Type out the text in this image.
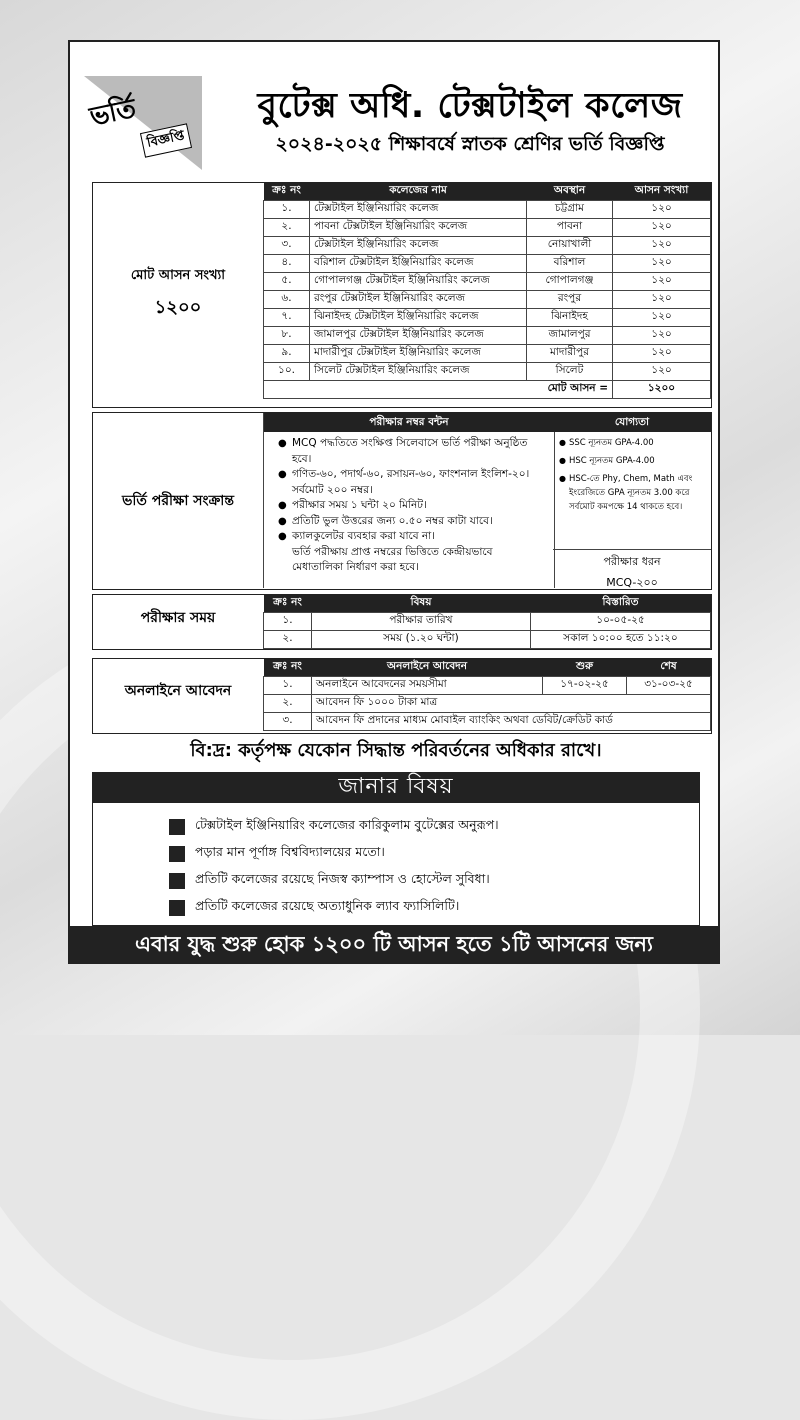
ভর্তি
বিজ্ঞপ্তি
বুটেক্স অধি. টেক্সটাইল কলেজ
২০২৪-২০২৫ শিক্ষাবর্ষে স্নাতক শ্রেণির ভর্তি বিজ্ঞপ্তি
মোট আসন সংখ্যা
১২০০
ক্রঃ নং	কলেজের নাম	অবস্থান	আসন সংখ্যা
১.	টেক্সটাইল ইঞ্জিনিয়ারিং কলেজ	চট্টগ্রাম	১২০
২.	পাবনা টেক্সটাইল ইঞ্জিনিয়ারিং কলেজ	পাবনা	১২০
৩.	টেক্সটাইল ইঞ্জিনিয়ারিং কলেজ	নোয়াখালী	১২০
৪.	বরিশাল টেক্সটাইল ইঞ্জিনিয়ারিং কলেজ	বরিশাল	১২০
৫.	গোপালগঞ্জ টেক্সটাইল ইঞ্জিনিয়ারিং কলেজ	গোপালগঞ্জ	১২০
৬.	রংপুর টেক্সটাইল ইঞ্জিনিয়ারিং কলেজ	রংপুর	১২০
৭.	ঝিনাইদহ টেক্সটাইল ইঞ্জিনিয়ারিং কলেজ	ঝিনাইদহ	১২০
৮.	জামালপুর টেক্সটাইল ইঞ্জিনিয়ারিং কলেজ	জামালপুর	১২০
৯.	মাদারীপুর টেক্সটাইল ইঞ্জিনিয়ারিং কলেজ	মাদারীপুর	১২০
১০.	সিলেট টেক্সটাইল ইঞ্জিনিয়ারিং কলেজ	সিলেট	১২০
মোট আসন =			১২০০
ভর্তি পরীক্ষা সংক্রান্ত
পরীক্ষার নম্বর বন্টন
● MCQ পদ্ধতিতে সংক্ষিপ্ত সিলেবাসে ভর্তি পরীক্ষা অনুষ্ঠিত হবে।
● গণিত-৬০, পদার্থ-৬০, রসায়ন-৬০, ফাংশনাল ইংলিশ-২০। সর্বমোট ২০০ নম্বর।
● পরীক্ষার সময় ১ ঘন্টা ২০ মিনিট।
● প্রতিটি ভুল উত্তরের জন্য ০.৫০ নম্বর কাটা যাবে।
● ক্যালকুলেটর ব্যবহার করা যাবে না।
ভর্তি পরীক্ষায় প্রাপ্ত নম্বরের ভিত্তিতে কেন্দ্রীয়ভাবে মেধাতালিকা নির্ধারণ করা হবে।
যোগ্যতা
● SSC ন্যূনতম GPA-4.00
● HSC ন্যূনতম GPA-4.00
● HSC-তে Phy, Chem, Math এবং ইংরেজিতে GPA ন্যূনতম 3.00 করে সর্বমোট কমপক্ষে 14 থাকতে হবে।
পরীক্ষার ধরন
MCQ-২০০
পরীক্ষার সময়
ক্রঃ নং	বিষয়	বিস্তারিত
১.	পরীক্ষার তারিখ	১০-০৫-২৫
২.	সময় (১.২০ ঘন্টা)	সকাল ১০:০০ হতে ১১:২০
অনলাইনে আবেদন
ক্রঃ নং	অনলাইনে আবেদন	শুরু	শেষ
১.	অনলাইনে আবেদনের সময়সীমা	১৭-০২-২৫	৩১-০৩-২৫
২.	আবেদন ফি ১০০০ টাকা মাত্র		
৩.	আবেদন ফি প্রদানের মাধ্যম মোবাইল ব্যাংকিং অথবা ডেবিট/ক্রেডিট কার্ড		
বি:দ্র: কর্তৃপক্ষ যেকোন সিদ্ধান্ত পরিবর্তনের অধিকার রাখে।
জানার বিষয়
টেক্সটাইল ইঞ্জিনিয়ারিং কলেজের কারিকুলাম বুটেক্সের অনুরূপ।
পড়ার মান পূর্ণাঙ্গ বিশ্ববিদ্যালয়ের মতো।
প্রতিটি কলেজের রয়েছে নিজস্ব ক্যাম্পাস ও হোস্টেল সুবিধা।
প্রতিটি কলেজের রয়েছে অত্যাধুনিক ল্যাব ফ্যাসিলিটি।
এবার যুদ্ধ শুরু হোক ১২০০ টি আসন হতে ১টি আসনের জন্য
